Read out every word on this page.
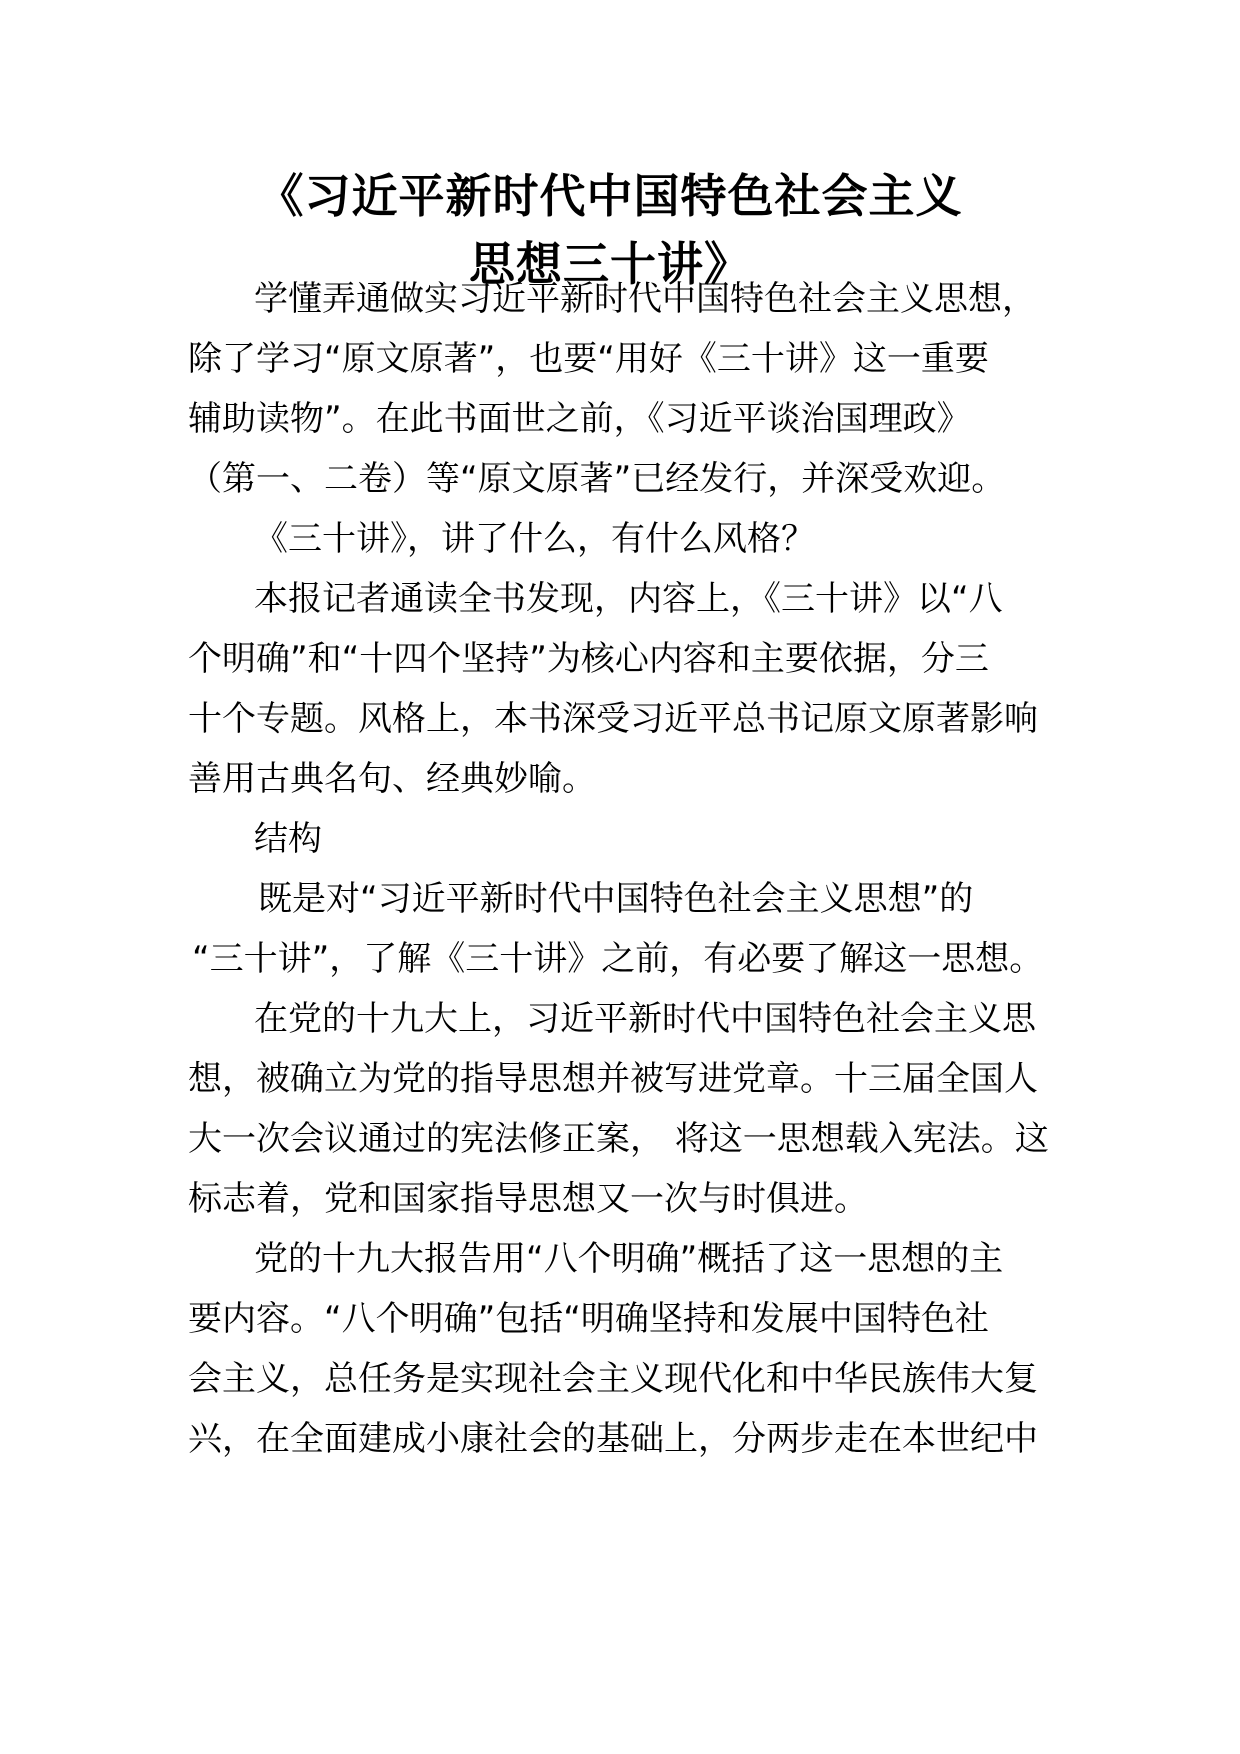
《习近平新时代中国特色社会主义
思想三十讲》
学懂弄通做实习近平新时代中国特色社会主义思想，
除了学习“原文原著”，也要“用好《三十讲》这一重要
辅助读物”。在此书面世之前，《习近平谈治国理政》
（第一、二卷）等“原文原著”已经发行，并深受欢迎。
《三十讲》，讲了什么，有什么风格？
本报记者通读全书发现，内容上，《三十讲》以“八
个明确”和“十四个坚持”为核心内容和主要依据，分三
十个专题。风格上，本书深受习近平总书记原文原著影响
善用古典名句、经典妙喻。
结构
既是对“习近平新时代中国特色社会主义思想”的
“三十讲”，了解《三十讲》之前，有必要了解这一思想。
在党的十九大上，习近平新时代中国特色社会主义思
想，被确立为党的指导思想并被写进党章。十三届全国人
大一次会议通过的宪法修正案， 将这一思想载入宪法。这
标志着，党和国家指导思想又一次与时俱进。
党的十九大报告用“八个明确”概括了这一思想的主
要内容。“八个明确”包括“明确坚持和发展中国特色社
会主义，总任务是实现社会主义现代化和中华民族伟大复
兴，在全面建成小康社会的基础上，分两步走在本世纪中
